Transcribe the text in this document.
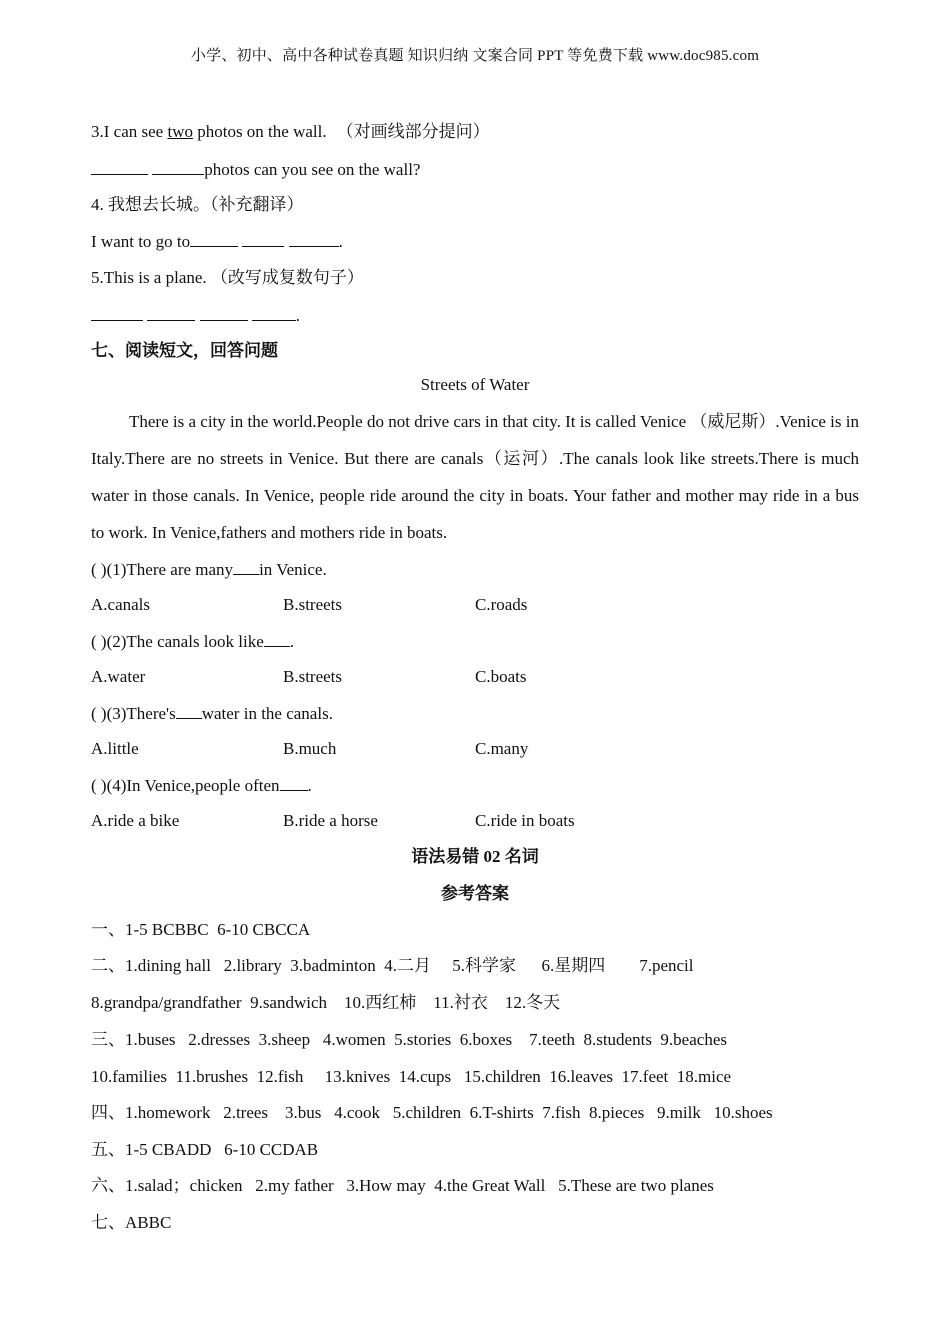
小学、初中、高中各种试卷真题 知识归纳 文案合同 PPT 等免费下载 www.doc985.com
3.I can see two photos on the wall. （对画线部分提问）
photos can you see on the wall?
4. 我想去长城。（补充翻译）
I want to go to	.
5.This is a plane. （改写成复数句子）
.
七、阅读短文，回答问题
Streets of Water
There is a city in the world.People do not drive cars in that city. It is called Venice （威尼斯）.Venice is in Italy.There are no streets in Venice. But there are canals（运河）.The canals look like streets.There is much water in those canals. In Venice, people ride around the city in boats. Your father and mother may ride in a bus to work. In Venice,fathers and mothers ride in boats.
( )(1)There are many in Venice.
A.canals	B.streets	C.roads
( )(2)The canals look like .
A.water	B.streets	C.boats
( )(3)There's water in the canals.
A.little	B.much	C.many
( )(4)In Venice,people often .
A.ride a bike	B.ride a horse	C.ride in boats
语法易错 02 名词
参考答案
一、1-5 BCBBC  6-10 CBCCA
二、1.dining hall   2.library  3.badminton  4.二月     5.科学家      6.星期四        7.pencil
8.grandpa/grandfather  9.sandwich    10.西红柿    11.衬衣    12.冬天
三、1.buses   2.dresses  3.sheep   4.women  5.stories  6.boxes    7.teeth  8.students  9.beaches
10.families  11.brushes  12.fish     13.knives  14.cups   15.children  16.leaves  17.feet  18.mice
四、1.homework   2.trees    3.bus   4.cook   5.children  6.T-shirts  7.fish  8.pieces   9.milk   10.shoes
五、1-5 CBADD   6-10 CCDAB
六、1.salad；chicken   2.my father   3.How may  4.the Great Wall   5.These are two planes
七、ABBC
